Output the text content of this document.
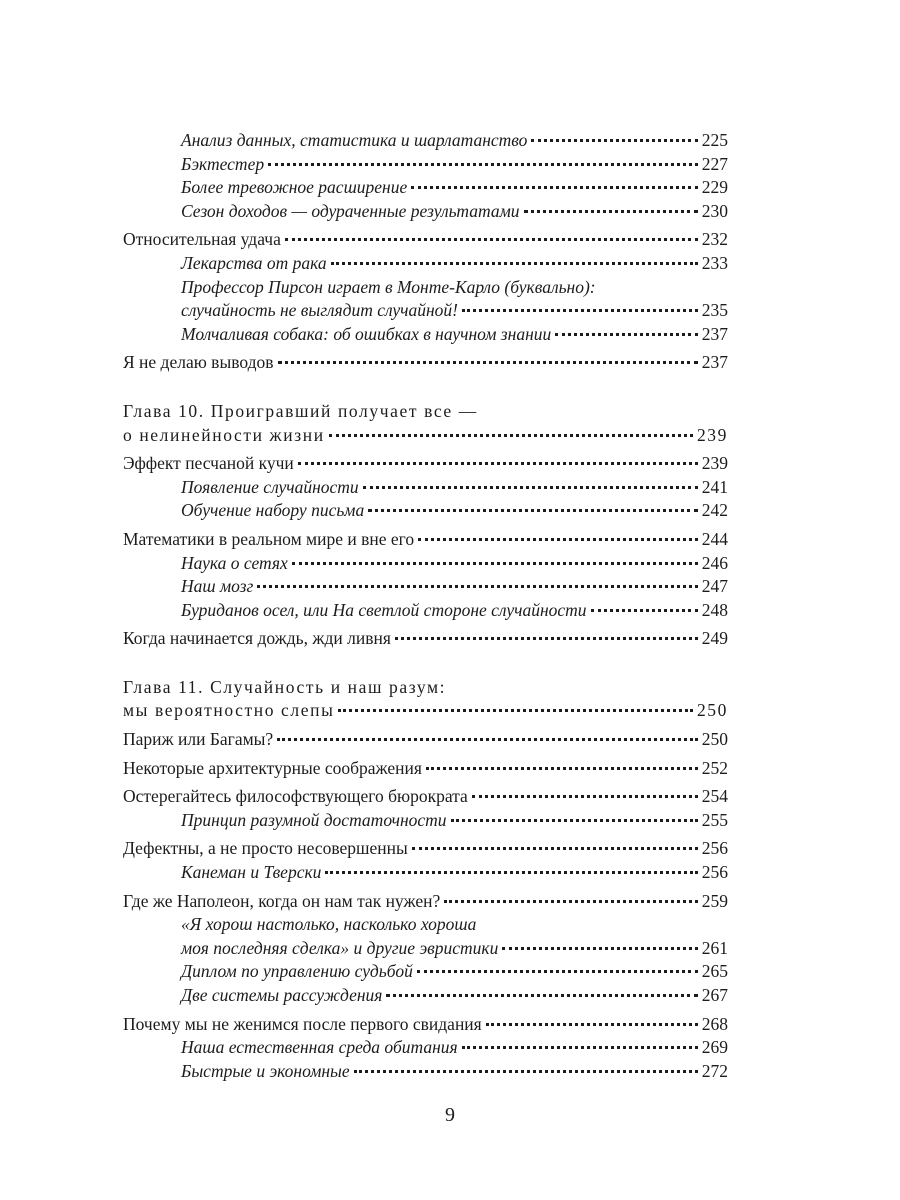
Анализ данных, статистика и шарлатанство	225
Бэктестер	227
Более тревожное расширение	229
Сезон доходов — одураченные результатами	230
Относительная удача	232
Лекарства от рака	233
Профессор Пирсон играет в Монте-Карло (буквально):
случайность не выглядит случайной!	235
Молчаливая собака: об ошибках в научном знании	237
Я не делаю выводов	237
Глава 10. Проигравший получает все —
о нелинейности жизни	239
Эффект песчаной кучи	239
Появление случайности	241
Обучение набору письма	242
Математики в реальном мире и вне его	244
Наука о сетях	246
Наш мозг	247
Буриданов осел, или На светлой стороне случайности	248
Когда начинается дождь, жди ливня	249
Глава 11. Случайность и наш разум:
мы вероятностно слепы	250
Париж или Багамы?	250
Некоторые архитектурные соображения	252
Остерегайтесь философствующего бюрократа	254
Принцип разумной достаточности	255
Дефектны, а не просто несовершенны	256
Канеман и Тверски	256
Где же Наполеон, когда он нам так нужен?	259
«Я хорош настолько, насколько хороша
моя последняя сделка» и другие эвристики	261
Диплом по управлению судьбой	265
Две системы рассуждения	267
Почему мы не женимся после первого свидания	268
Наша естественная среда обитания	269
Быстрые и экономные	272
9
